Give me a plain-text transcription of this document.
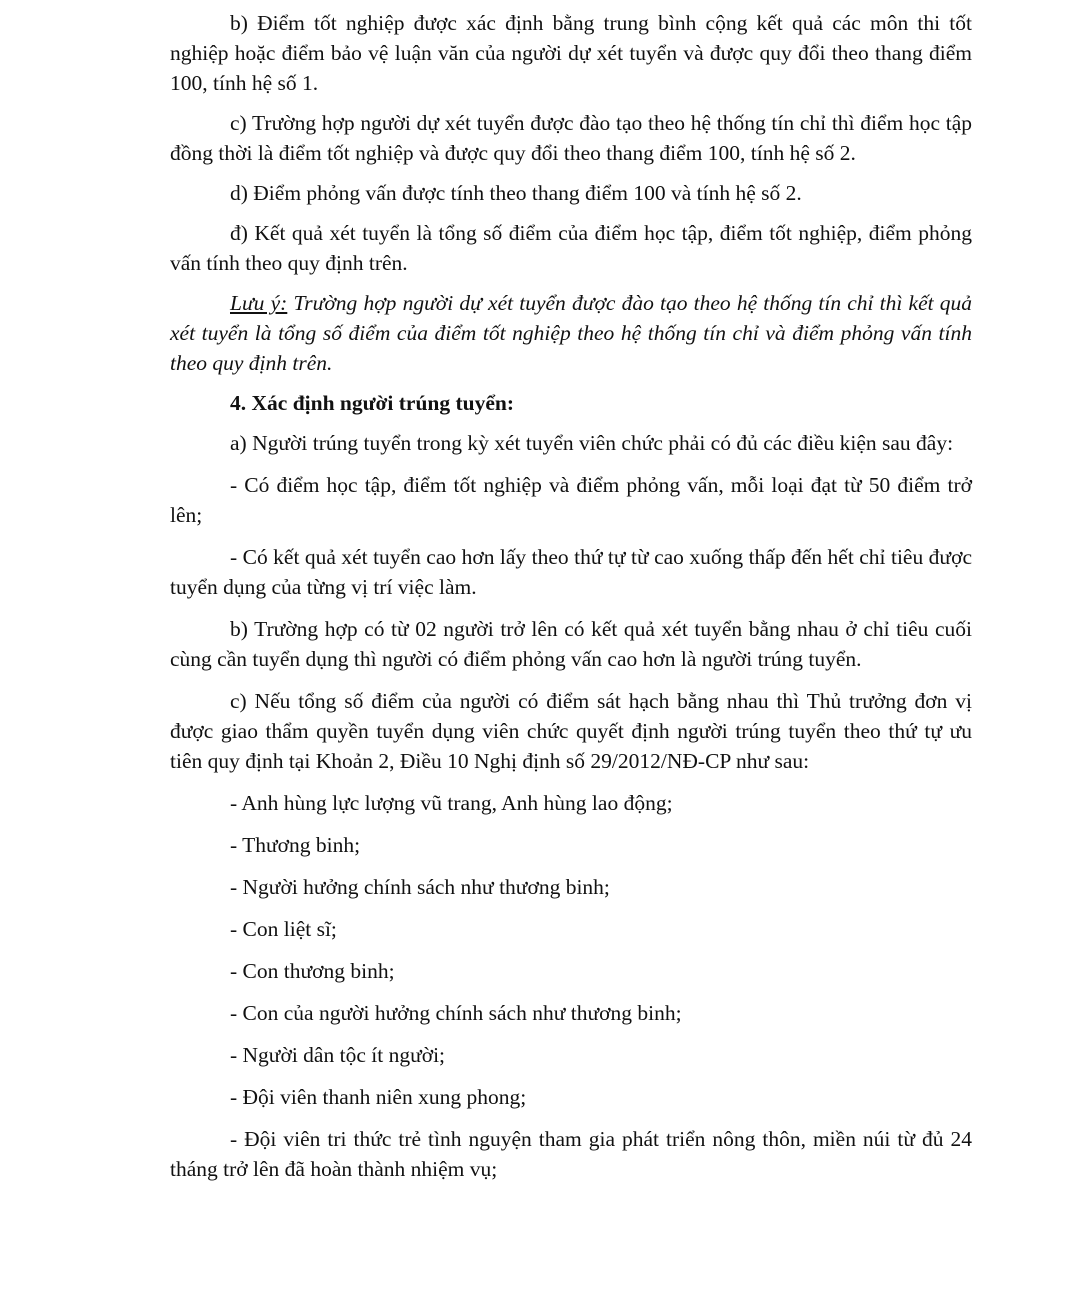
b) Điểm tốt nghiệp được xác định bằng trung bình cộng kết quả các môn thi tốt nghiệp hoặc điểm bảo vệ luận văn của người dự xét tuyển và được quy đổi theo thang điểm 100, tính hệ số 1.

c) Trường hợp người dự xét tuyển được đào tạo theo hệ thống tín chỉ thì điểm học tập đồng thời là điểm tốt nghiệp và được quy đổi theo thang điểm 100, tính hệ số 2.

d) Điểm phỏng vấn được tính theo thang điểm 100 và tính hệ số 2.

đ) Kết quả xét tuyển là tổng số điểm của điểm học tập, điểm tốt nghiệp, điểm phỏng vấn tính theo quy định trên.

Lưu ý: Trường hợp người dự xét tuyển được đào tạo theo hệ thống tín chỉ thì kết quả xét tuyển là tổng số điểm của điểm tốt nghiệp theo hệ thống tín chỉ và điểm phỏng vấn tính theo quy định trên.

4. Xác định người trúng tuyển:

a) Người trúng tuyển trong kỳ xét tuyển viên chức phải có đủ các điều kiện sau đây:

- Có điểm học tập, điểm tốt nghiệp và điểm phỏng vấn, mỗi loại đạt từ 50 điểm trở lên;

- Có kết quả xét tuyển cao hơn lấy theo thứ tự từ cao xuống thấp đến hết chỉ tiêu được tuyển dụng của từng vị trí việc làm.

b) Trường hợp có từ 02 người trở lên có kết quả xét tuyển bằng nhau ở chỉ tiêu cuối cùng cần tuyển dụng thì người có điểm phỏng vấn cao hơn là người trúng tuyển.

c) Nếu tổng số điểm của người có điểm sát hạch bằng nhau thì Thủ trưởng đơn vị được giao thẩm quyền tuyển dụng viên chức quyết định người trúng tuyển theo thứ tự ưu tiên quy định tại Khoản 2, Điều 10 Nghị định số 29/2012/NĐ-CP như sau:

- Anh hùng lực lượng vũ trang, Anh hùng lao động;

- Thương binh;

- Người hưởng chính sách như thương binh;

- Con liệt sĩ;

- Con thương binh;

- Con của người hưởng chính sách như thương binh;

- Người dân tộc ít người;

- Đội viên thanh niên xung phong;

- Đội viên tri thức trẻ tình nguyện tham gia phát triển nông thôn, miền núi từ đủ 24 tháng trở lên đã hoàn thành nhiệm vụ;
